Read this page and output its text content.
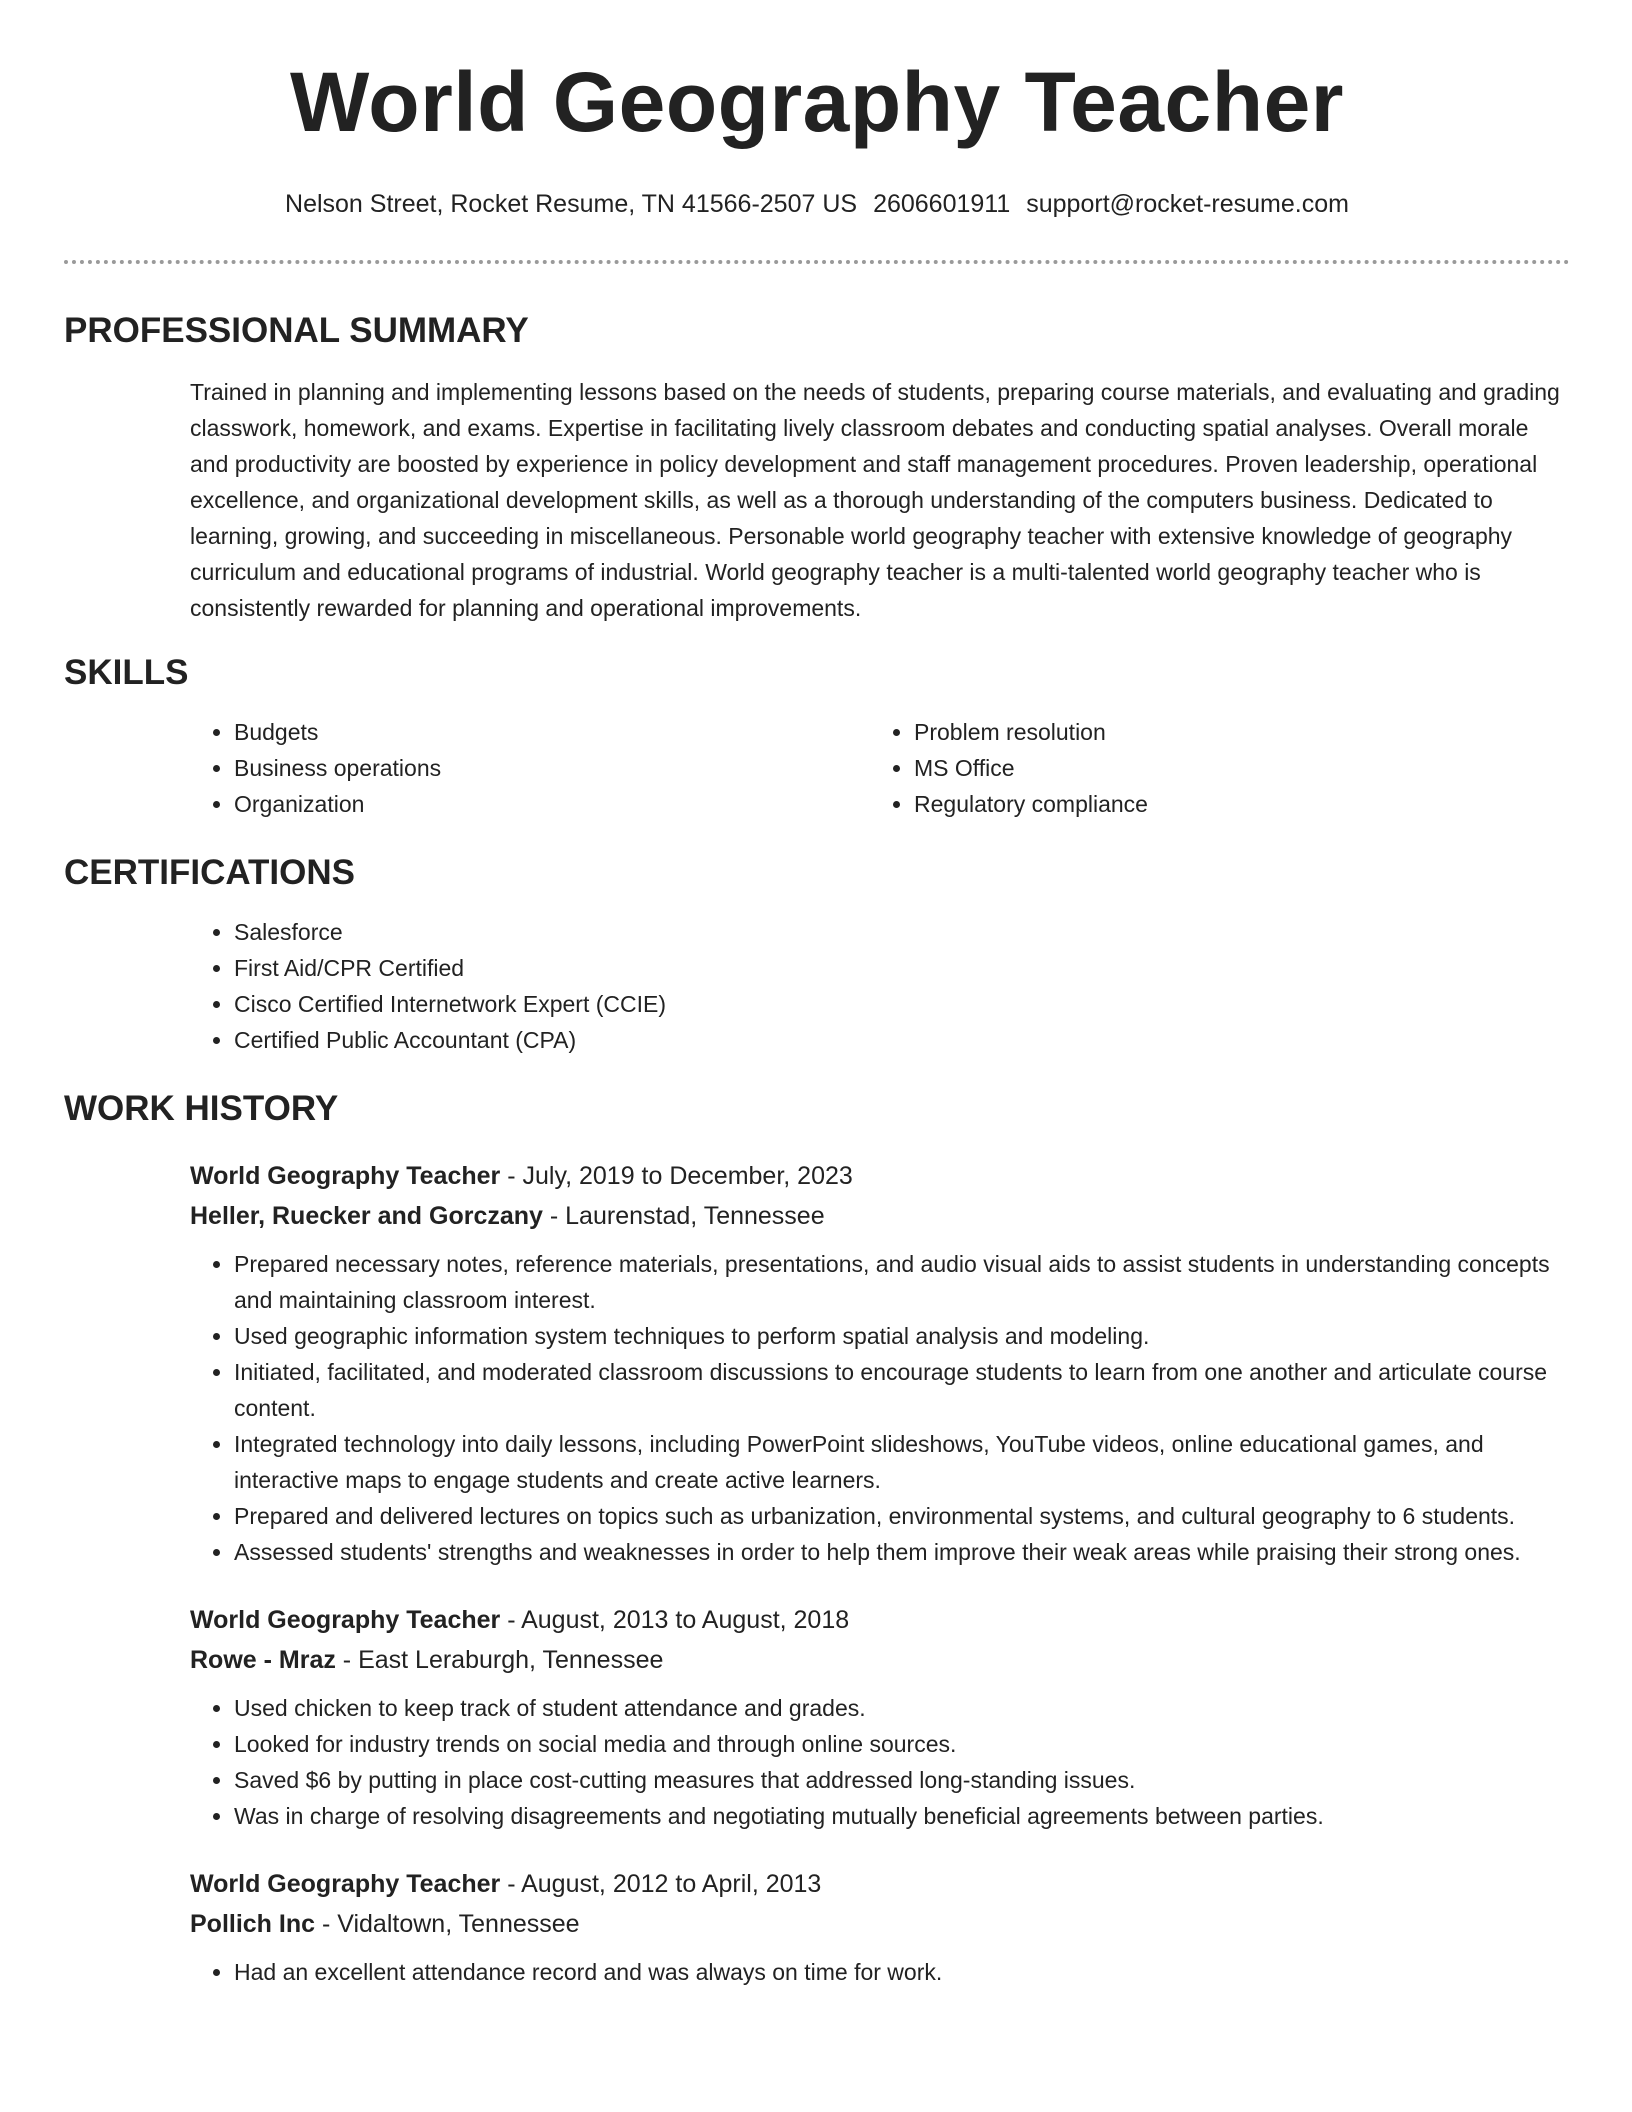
World Geography Teacher
Nelson Street, Rocket Resume, TN 41566-2507 US 2606601911 support@rocket-resume.com
PROFESSIONAL SUMMARY

Trained in planning and implementing lessons based on the needs of students, preparing course materials, and evaluating and grading classwork, homework, and exams. Expertise in facilitating lively classroom debates and conducting spatial analyses. Overall morale and productivity are boosted by experience in policy development and staff management procedures. Proven leadership, operational excellence, and organizational development skills, as well as a thorough understanding of the computers business. Dedicated to learning, growing, and succeeding in miscellaneous. Personable world geography teacher with extensive knowledge of geography curriculum and educational programs of industrial. World geography teacher is a multi-talented world geography teacher who is consistently rewarded for planning and operational improvements.

SKILLS
• Budgets
• Business operations
• Organization
• Problem resolution
• MS Office
• Regulatory compliance
CERTIFICATIONS
• Salesforce
• First Aid/CPR Certified
• Cisco Certified Internetwork Expert (CCIE)
• Certified Public Accountant (CPA)
WORK HISTORY
World Geography Teacher - July, 2019 to December, 2023
Heller, Ruecker and Gorczany - Laurenstad, Tennessee
• Prepared necessary notes, reference materials, presentations, and audio visual aids to assist students in understanding concepts and maintaining classroom interest.
• Used geographic information system techniques to perform spatial analysis and modeling.
• Initiated, facilitated, and moderated classroom discussions to encourage students to learn from one another and articulate course content.
• Integrated technology into daily lessons, including PowerPoint slideshows, YouTube videos, online educational games, and interactive maps to engage students and create active learners.
• Prepared and delivered lectures on topics such as urbanization, environmental systems, and cultural geography to 6 students.
• Assessed students' strengths and weaknesses in order to help them improve their weak areas while praising their strong ones.
World Geography Teacher - August, 2013 to August, 2018
Rowe - Mraz - East Leraburgh, Tennessee
• Used chicken to keep track of student attendance and grades.
• Looked for industry trends on social media and through online sources.
• Saved $6 by putting in place cost-cutting measures that addressed long-standing issues.
• Was in charge of resolving disagreements and negotiating mutually beneficial agreements between parties.
World Geography Teacher - August, 2012 to April, 2013
Pollich Inc - Vidaltown, Tennessee
• Had an excellent attendance record and was always on time for work.
